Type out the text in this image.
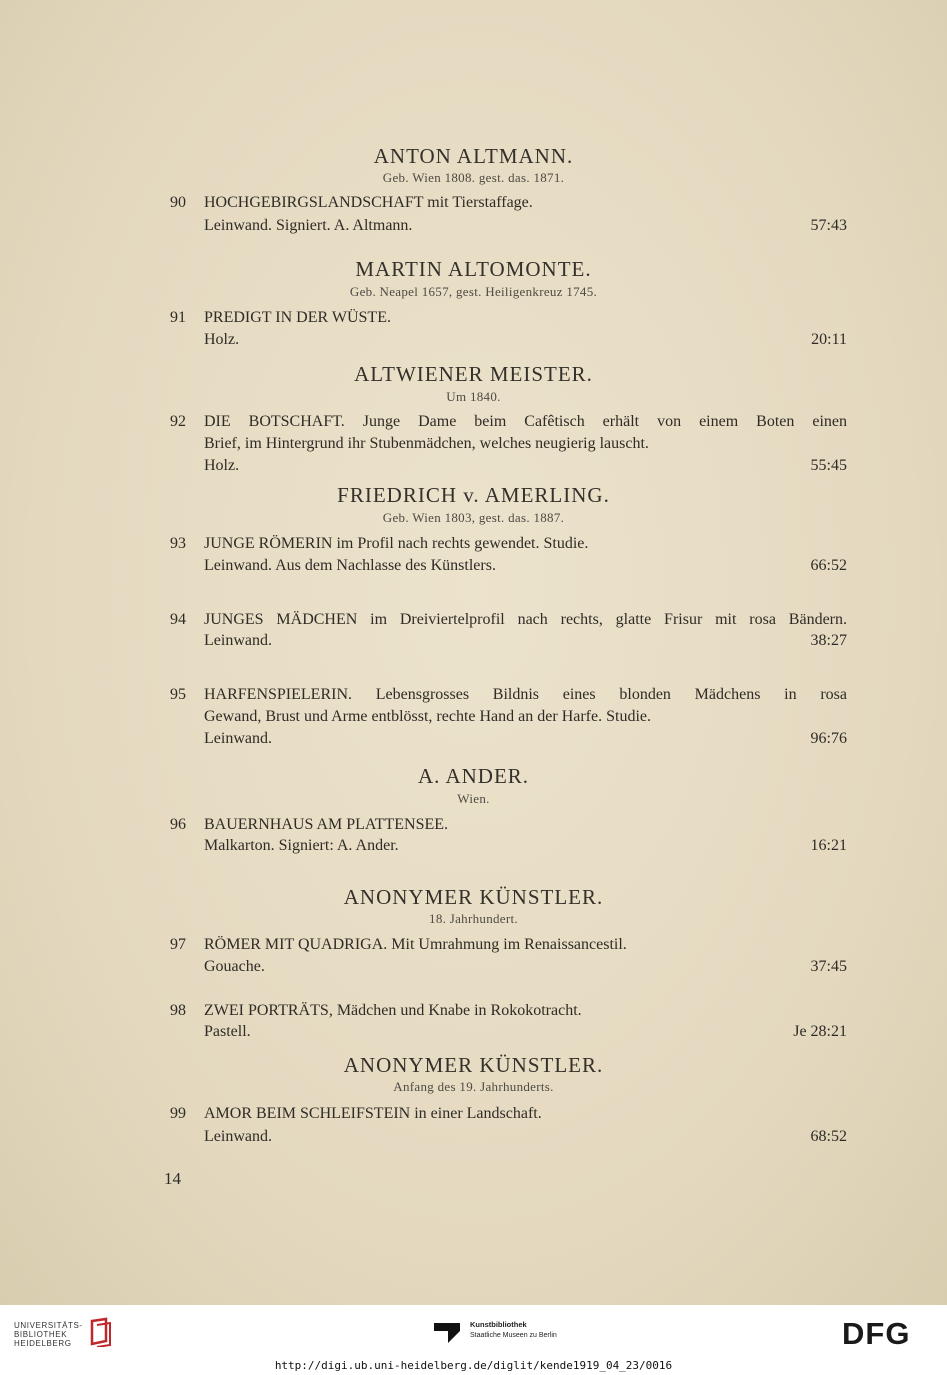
ANTON ALTMANN.
Geb. Wien 1808. gest. das. 1871.
90 HOCHGEBIRGSLANDSCHAFT mit Tierstaffage.
Leinwand. Signiert. A. Altmann.	57:43
MARTIN ALTOMONTE.
Geb. Neapel 1657, gest. Heiligenkreuz 1745.
91 PREDIGT IN DER WÜSTE.
Holz.	20:11
ALTWIENER MEISTER.
Um 1840.
92 DIE BOTSCHAFT. Junge Dame beim Cafêtisch erhält von einem Boten einen
Brief, im Hintergrund ihr Stubenmädchen, welches neugierig lauscht.
Holz.	55:45
FRIEDRICH v. AMERLING.
Geb. Wien 1803, gest. das. 1887.
93 JUNGE RÖMERIN im Profil nach rechts gewendet. Studie.
Leinwand. Aus dem Nachlasse des Künstlers.	66:52
94 JUNGES MÄDCHEN im Dreiviertelprofil nach rechts, glatte Frisur mit rosa Bändern.
Leinwand.	38:27
95 HARFENSPIELERIN. Lebensgrosses Bildnis eines blonden Mädchens in rosa
Gewand, Brust und Arme entblösst, rechte Hand an der Harfe. Studie.
Leinwand.	96:76
A. ANDER.
Wien.
96 BAUERNHAUS AM PLATTENSEE.
Malkarton. Signiert: A. Ander.	16:21
ANONYMER KÜNSTLER.
18. Jahrhundert.
97 RÖMER MIT QUADRIGA. Mit Umrahmung im Renaissancestil.
Gouache.	37:45
98 ZWEI PORTRÄTS, Mädchen und Knabe in Rokokotracht.
Pastell.	Je 28:21
ANONYMER KÜNSTLER.
Anfang des 19. Jahrhunderts.
99 AMOR BEIM SCHLEIFSTEIN in einer Landschaft.
Leinwand.	68:52
14
UNIVERSITÄTS-
BIBLIOTHEK
HEIDELBERG
Kunstbibliothek
Staatliche Museen zu Berlin	DFG
http://digi.ub.uni-heidelberg.de/diglit/kende1919_04_23/0016
